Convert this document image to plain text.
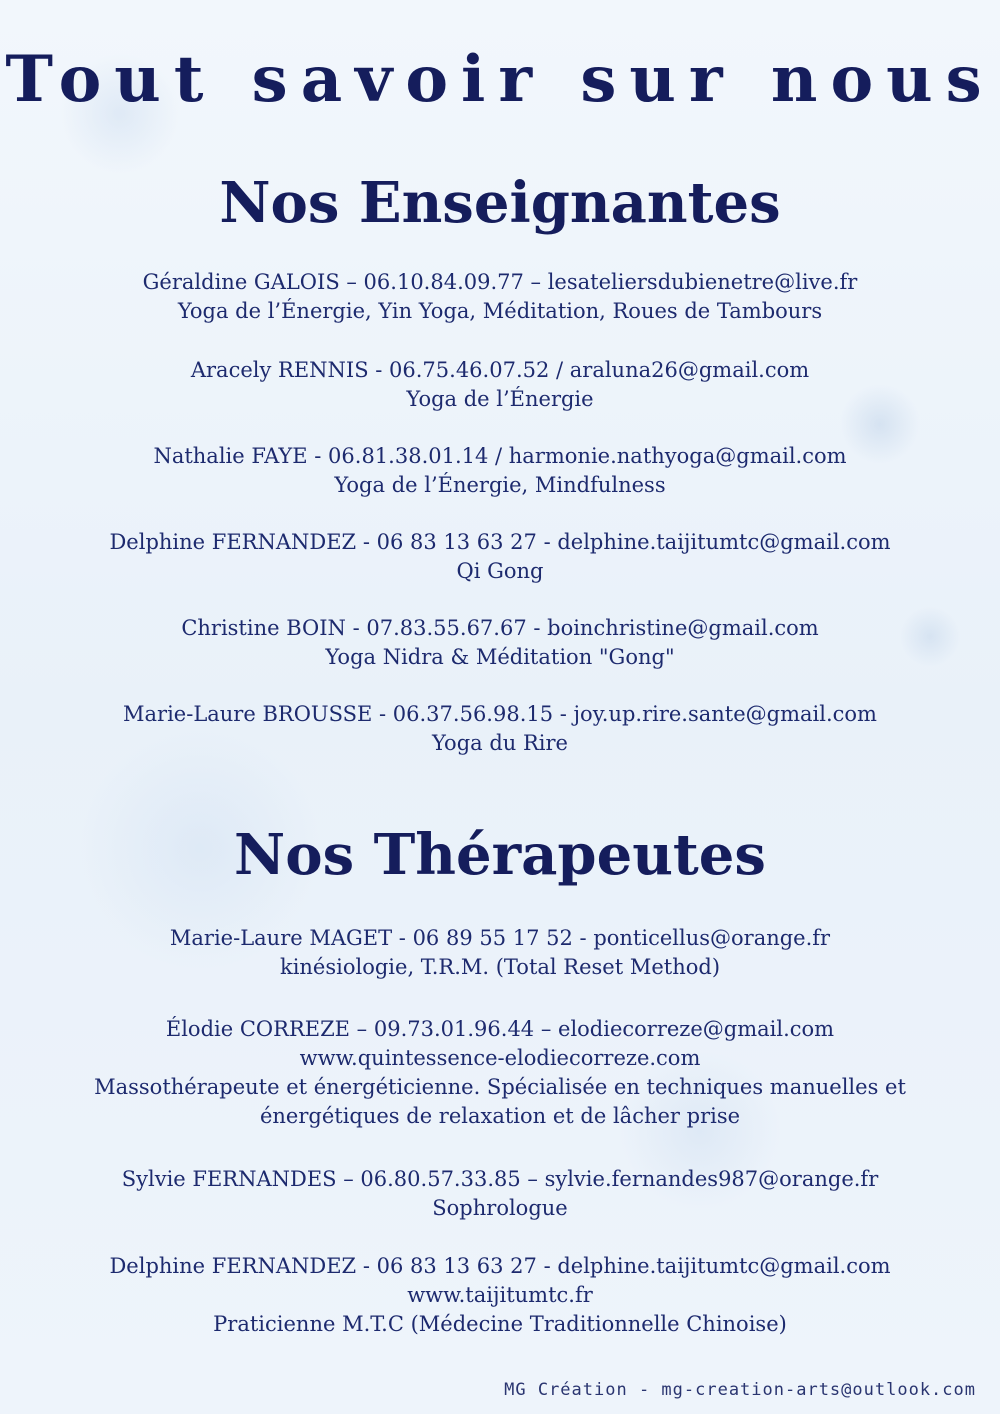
Tout savoir sur nous
Nos Enseignantes
Géraldine GALOIS – 06.10.84.09.77 – lesateliersdubienetre@live.fr
Yoga de l’Énergie, Yin Yoga, Méditation, Roues de Tambours
Aracely RENNIS - 06.75.46.07.52 / araluna26@gmail.com
Yoga de l’Énergie
Nathalie FAYE - 06.81.38.01.14 / harmonie.nathyoga@gmail.com
Yoga de l’Énergie, Mindfulness
Delphine FERNANDEZ - 06 83 13 63 27 - delphine.taijitumtc@gmail.com
Qi Gong
Christine BOIN - 07.83.55.67.67 - boinchristine@gmail.com
Yoga Nidra & Méditation "Gong"
Marie-Laure BROUSSE - 06.37.56.98.15 - joy.up.rire.sante@gmail.com
Yoga du Rire
Nos Thérapeutes
Marie-Laure MAGET - 06 89 55 17 52 - ponticellus@orange.fr
kinésiologie, T.R.M. (Total Reset Method)
Élodie CORREZE – 09.73.01.96.44 – elodiecorreze@gmail.com
www.quintessence-elodiecorreze.com
Massothérapeute et énergéticienne. Spécialisée en techniques manuelles et
énergétiques de relaxation et de lâcher prise
Sylvie FERNANDES – 06.80.57.33.85 – sylvie.fernandes987@orange.fr
Sophrologue
Delphine FERNANDEZ - 06 83 13 63 27 - delphine.taijitumtc@gmail.com
www.taijitumtc.fr
Praticienne M.T.C (Médecine Traditionnelle Chinoise)
MG Création - mg-creation-arts@outlook.com
